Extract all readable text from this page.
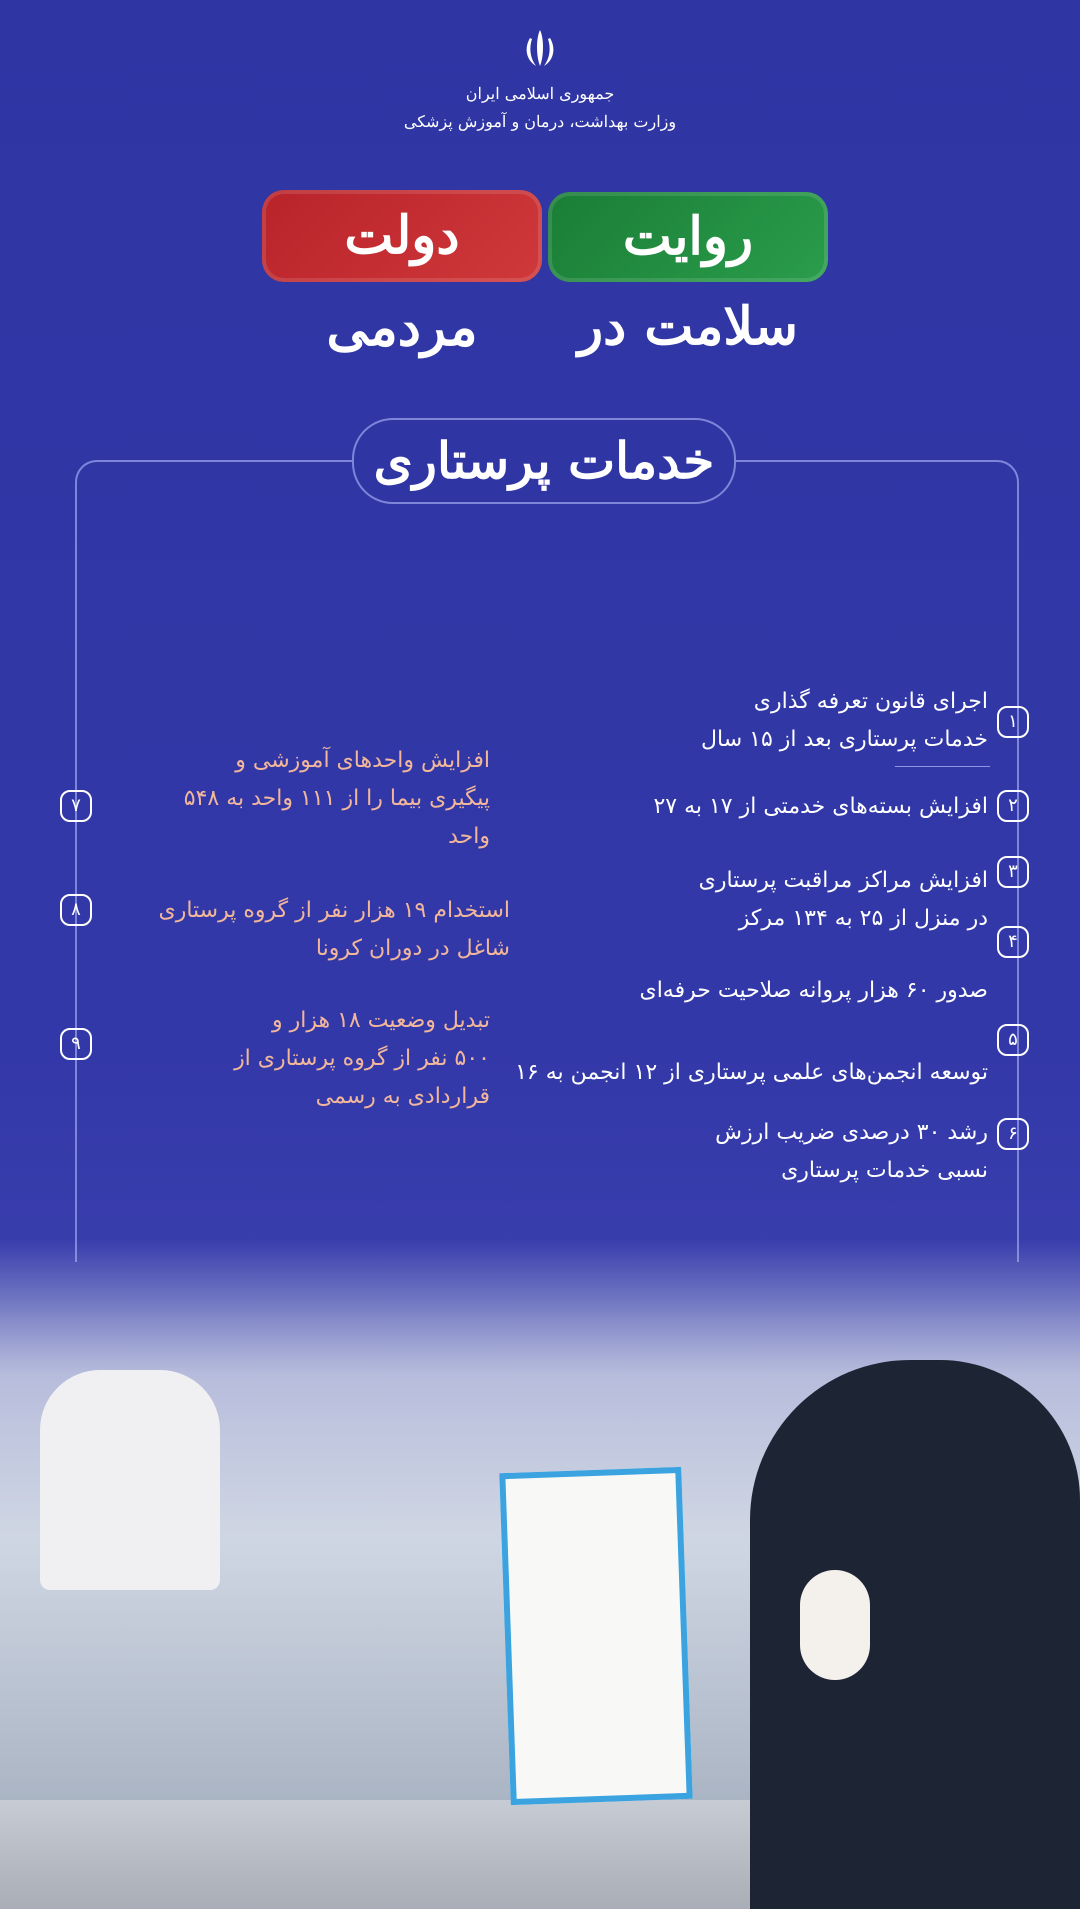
جمهوری اسلامی ایران
وزارت بهداشت، درمان و آموزش پزشکی
دولت مردمی
روایت سلامت در
خدمات پرستاری
اجرای قانون تعرفه گذاری
خدمات پرستاری بعد از ۱۵ سال
۱
افزایش بسته‌های خدمتی از ۱۷ به ۲۷	۲
افزایش مراکز مراقبت پرستاری
در منزل از ۲۵ به ۱۳۴ مرکز
۳
۴
صدور ۶۰ هزار پروانه صلاحیت حرفه‌ای
۵
توسعه انجمن‌های علمی پرستاری از ۱۲ انجمن به ۱۶
رشد ۳۰ درصدی ضریب ارزش
نسبی خدمات پرستاری
۶
افزایش واحدهای آموزشی و
پیگیری بیما را از ۱۱۱ واحد به ۵۴۸
واحد
۷
استخدام ۱۹ هزار نفر از گروه پرستاری
شاغل در دوران کرونا
۸
تبدیل وضعیت ۱۸ هزار و
۵۰۰ نفر از گروه پرستاری از
قراردادی به رسمی
۹
